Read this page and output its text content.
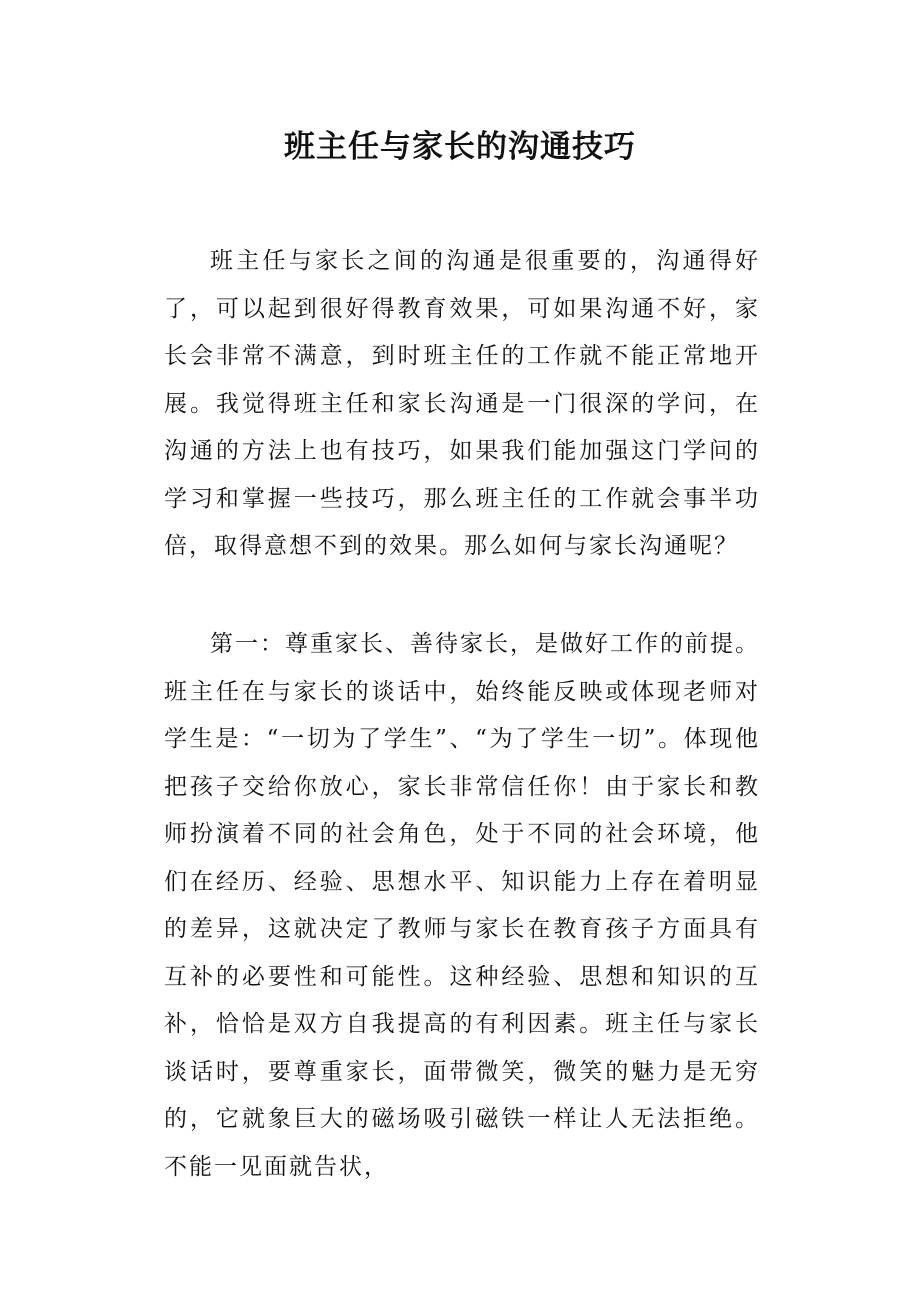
班主任与家长的沟通技巧

班主任与家长之间的沟通是很重要的，沟通得好了，可以起到很好得教育效果，可如果沟通不好，家长会非常不满意，到时班主任的工作就不能正常地开展。我觉得班主任和家长沟通是一门很深的学问，在沟通的方法上也有技巧，如果我们能加强这门学问的学习和掌握一些技巧，那么班主任的工作就会事半功倍，取得意想不到的效果。那么如何与家长沟通呢？

第一：尊重家长、善待家长，是做好工作的前提。班主任在与家长的谈话中，始终能反映或体现老师对学生是：“一切为了学生”、“为了学生一切”。体现他把孩子交给你放心，家长非常信任你！由于家长和教师扮演着不同的社会角色，处于不同的社会环境，他们在经历、经验、思想水平、知识能力上存在着明显的差异，这就决定了教师与家长在教育孩子方面具有互补的必要性和可能性。这种经验、思想和知识的互补，恰恰是双方自我提高的有利因素。班主任与家长谈话时，要尊重家长，面带微笑，微笑的魅力是无穷的，它就象巨大的磁场吸引磁铁一样让人无法拒绝。不能一见面就告状，
